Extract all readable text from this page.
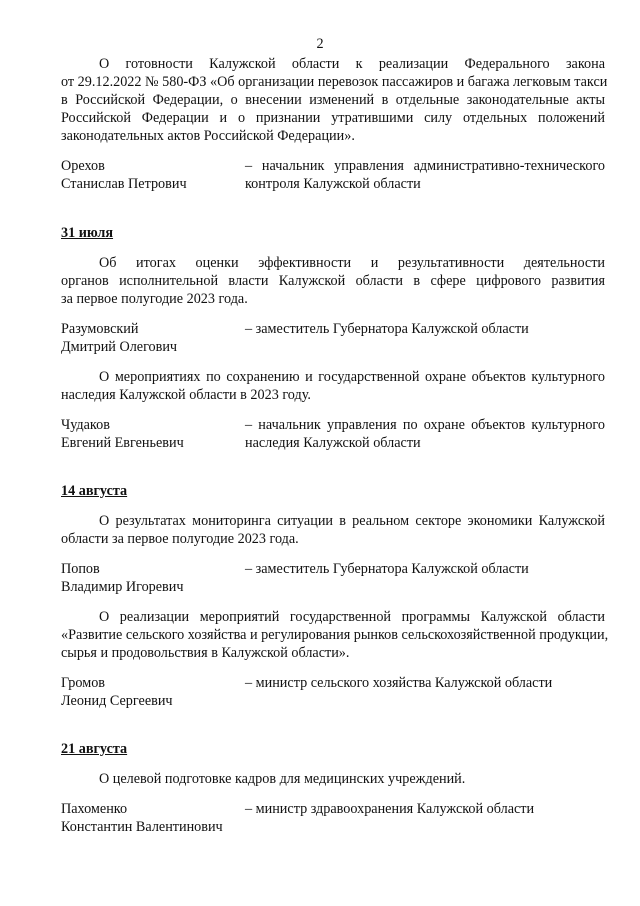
2
О готовности Калужской области к реализации Федерального закона
от 29.12.2022 № 580-ФЗ «Об организации перевозок пассажиров и багажа легковым такси
в Российской Федерации, о внесении изменений в отдельные законодательные акты
Российской Федерации и о признании утратившими силу отдельных положений
законодательных актов Российской Федерации».
Орехов
Станислав Петрович
– начальник управления административно-технического
контроля Калужской области
31 июля
Об итогах оценки эффективности и результативности деятельности
органов исполнительной власти Калужской области в сфере цифрового развития
за первое полугодие 2023 года.
Разумовский
Дмитрий Олегович
– заместитель Губернатора Калужской области
О мероприятиях по сохранению и государственной охране объектов культурного
наследия Калужской области в 2023 году.
Чудаков
Евгений Евгеньевич
– начальник управления по охране объектов культурного
наследия Калужской области
14 августа
О результатах мониторинга ситуации в реальном секторе экономики Калужской
области за первое полугодие 2023 года.
Попов
Владимир Игоревич
– заместитель Губернатора Калужской области
О реализации мероприятий государственной программы Калужской области
«Развитие сельского хозяйства и регулирования рынков сельскохозяйственной продукции,
сырья и продовольствия в Калужской области».
Громов
Леонид Сергеевич
– министр сельского хозяйства Калужской области
21 августа
О целевой подготовке кадров для медицинских учреждений.
Пахоменко
Константин Валентинович
– министр здравоохранения Калужской области
